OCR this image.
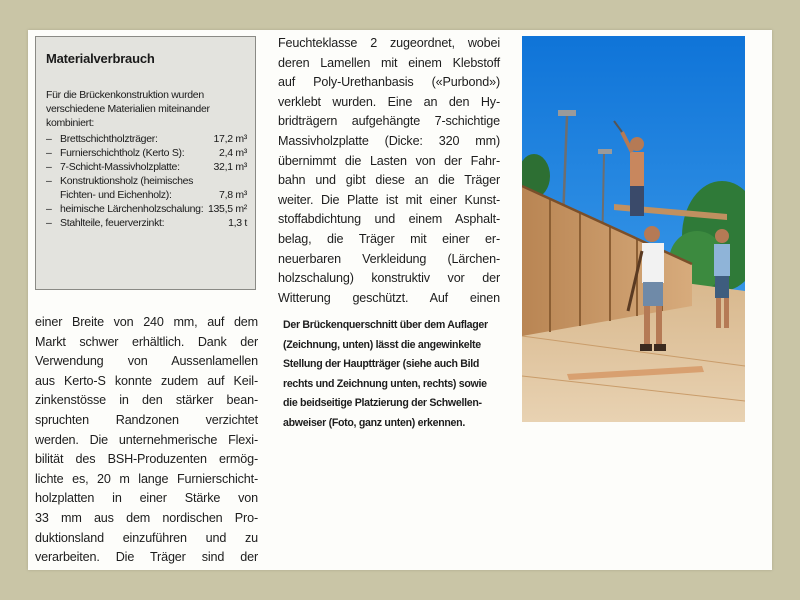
Materialverbrauch

Für die Brückenkonstruktion wurden verschiedene Materialien miteinander kombiniert:

– Brettschichtholzträger:	17,2 m³
– Furnierschichtholz (Kerto S):	2,4 m³
– 7-Schicht-Massivholzplatte:	32,1 m³
– Konstruktionsholz (heimisches Fichten- und Eichenholz):	7,8 m³
– heimische Lärchenholzschalung: 135,5 m²
– Stahlteile, feuerverzinkt:	1,3 t
einer Breite von 240 mm, auf dem
Markt schwer erhältlich. Dank der
Verwendung von Aussenlamellen
aus Kerto-S konnte zudem auf Keil-
zinkenstösse in den stärker bean-
spruchten Randzonen verzichtet
werden. Die unternehmerische Flexi-
bilität des BSH-Produzenten ermög-
lichte es, 20 m lange Furnierschicht-
holzplatten in einer Stärke von
33 mm aus dem nordischen Pro-
duktionsland einzuführen und zu
verarbeiten. Die Träger sind der
Feuchteklasse 2 zugeordnet, wobei
deren Lamellen mit einem Klebstoff
auf Poly-Urethanbasis («Purbond»)
verklebt wurden. Eine an den Hy-
bridträgern aufgehängte 7-schichtige
Massivholzplatte (Dicke: 320 mm)
übernimmt die Lasten von der Fahr-
bahn und gibt diese an die Träger
weiter. Die Platte ist mit einer Kunst-
stoffabdichtung und einem Asphalt-
belag, die Träger mit einer er-
neuerbaren Verkleidung (Lärchen-
holzschalung) konstruktiv vor der
Witterung geschützt. Auf einen
Der Brückenquerschnitt über dem Auflager
(Zeichnung, unten) lässt die angewinkelte
Stellung der Hauptträger (siehe auch Bild
rechts und Zeichnung unten, rechts) sowie
die beidseitige Platzierung der Schwellen-
abweiser (Foto, ganz unten) erkennen.
